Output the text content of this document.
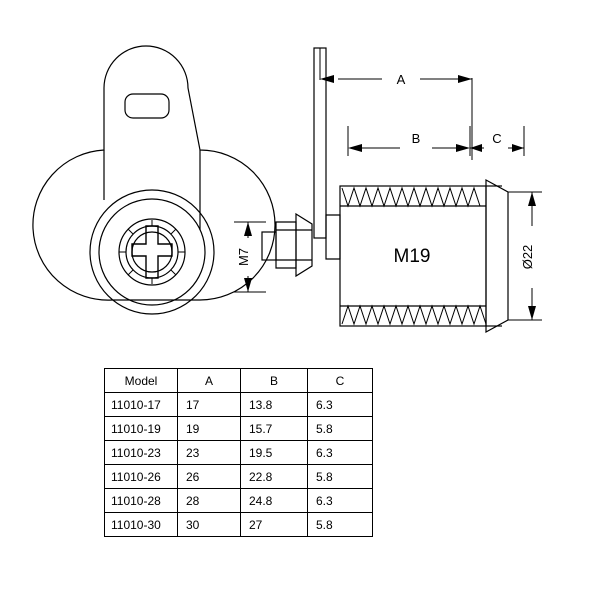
A
B	C
M7	Ø22
M19
Model	A	B	C
11010-17	17	13.8	6.3
11010-19	19	15.7	5.8
11010-23	23	19.5	6.3
11010-26	26	22.8	5.8
11010-28	28	24.8	6.3
11010-30	30	27	5.8
